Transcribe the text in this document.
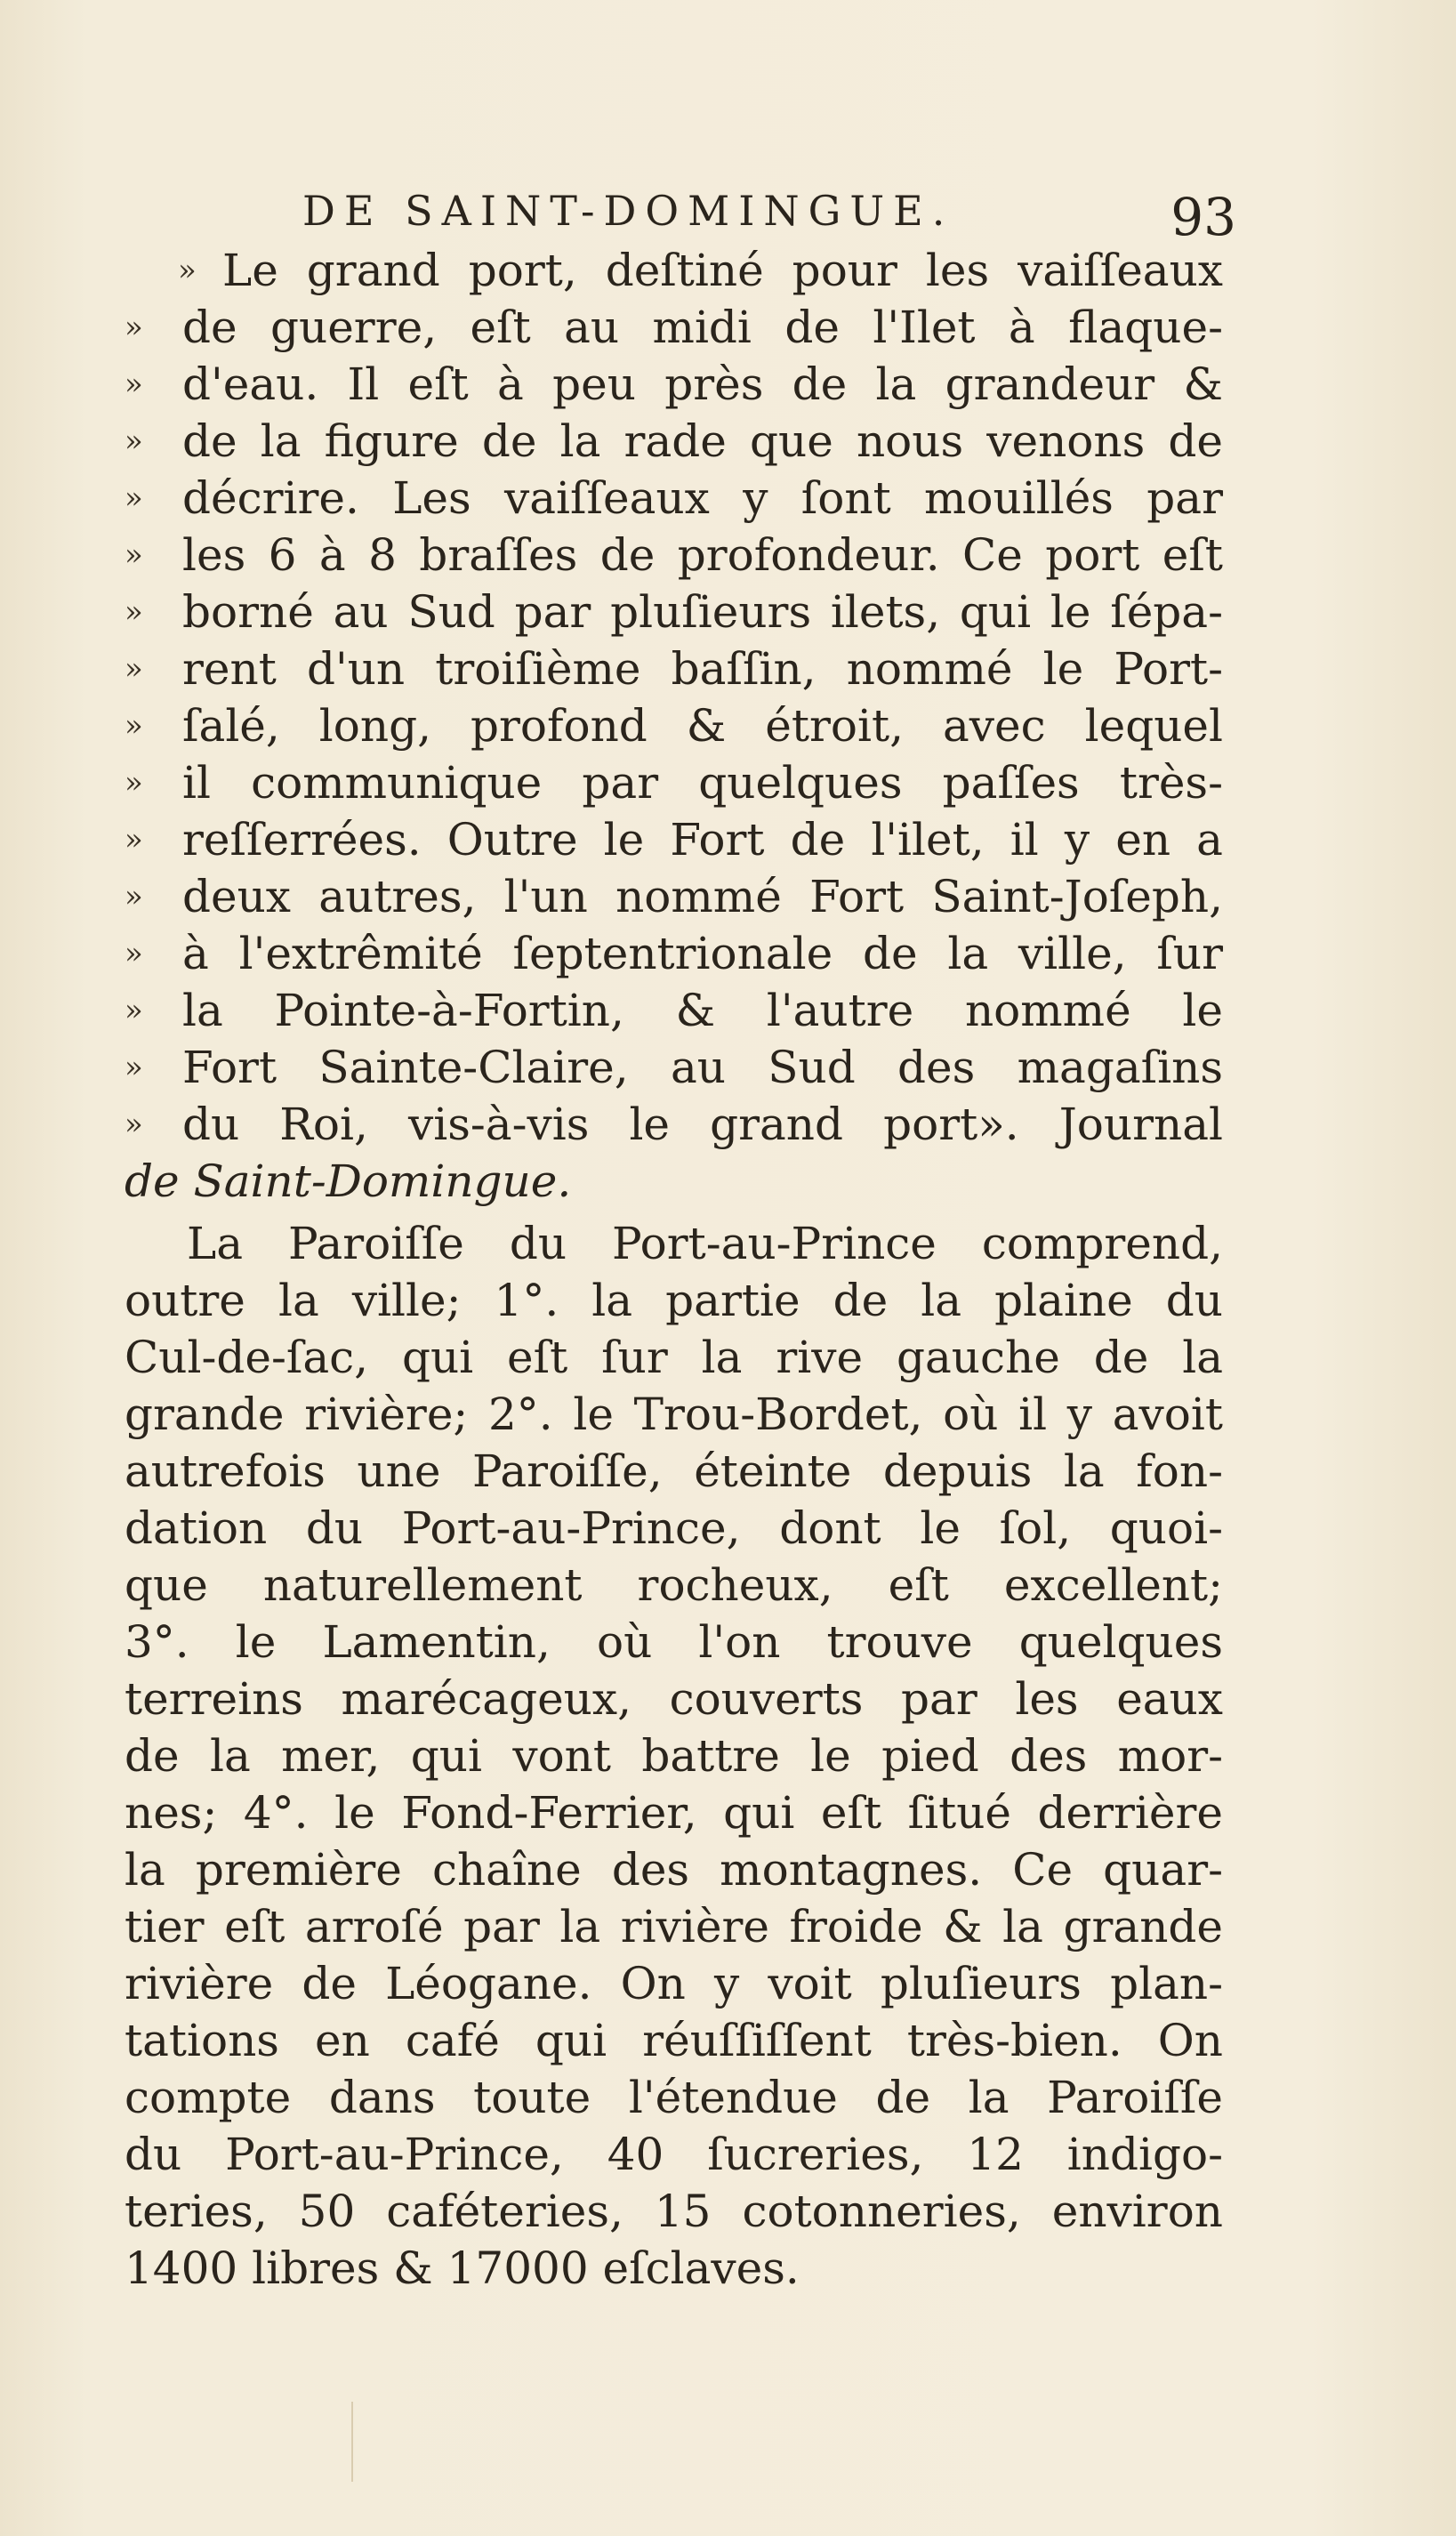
DE SAINT-DOMINGUE.	93
» Le grand port, deſtiné pour les vaiſſeaux
» de guerre, eſt au midi de l'Ilet à flaque-
» d'eau. Il eſt à peu près de la grandeur &
» de la figure de la rade que nous venons de
» décrire. Les vaiſſeaux y ſont mouillés par
» les 6 à 8 braſſes de profondeur. Ce port eſt
» borné au Sud par pluſieurs ilets, qui le ſépa-
» rent d'un troiſième baſſin, nommé le Port-
» ſalé, long, profond & étroit, avec lequel
» il communique par quelques paſſes très-
» reſſerrées. Outre le Fort de l'ilet, il y en a
» deux autres, l'un nommé Fort Saint-Joſeph,
» à l'extrêmité ſeptentrionale de la ville, ſur
» la Pointe-à-Fortin, & l'autre nommé le
» Fort Sainte-Claire, au Sud des magaſins
» du Roi, vis-à-vis le grand port». Journal
de Saint-Domingue.
La Paroiſſe du Port-au-Prince comprend,
outre la ville; 1°. la partie de la plaine du
Cul-de-ſac, qui eſt ſur la rive gauche de la
grande rivière; 2°. le Trou-Bordet, où il y avoit
autrefois une Paroiſſe, éteinte depuis la fon-
dation du Port-au-Prince, dont le ſol, quoi-
que naturellement rocheux, eſt excellent;
3°. le Lamentin, où l'on trouve quelques
terreins marécageux, couverts par les eaux
de la mer, qui vont battre le pied des mor-
nes; 4°. le Fond-Ferrier, qui eſt ſitué derrière
la première chaîne des montagnes. Ce quar-
tier eſt arroſé par la rivière froide & la grande
rivière de Léogane. On y voit pluſieurs plan-
tations en café qui réuſſiſſent très-bien. On
compte dans toute l'étendue de la Paroiſſe
du Port-au-Prince, 40 ſucreries, 12 indigo-
teries, 50 caféteries, 15 cotonneries, environ
1400 libres & 17000 eſclaves.
